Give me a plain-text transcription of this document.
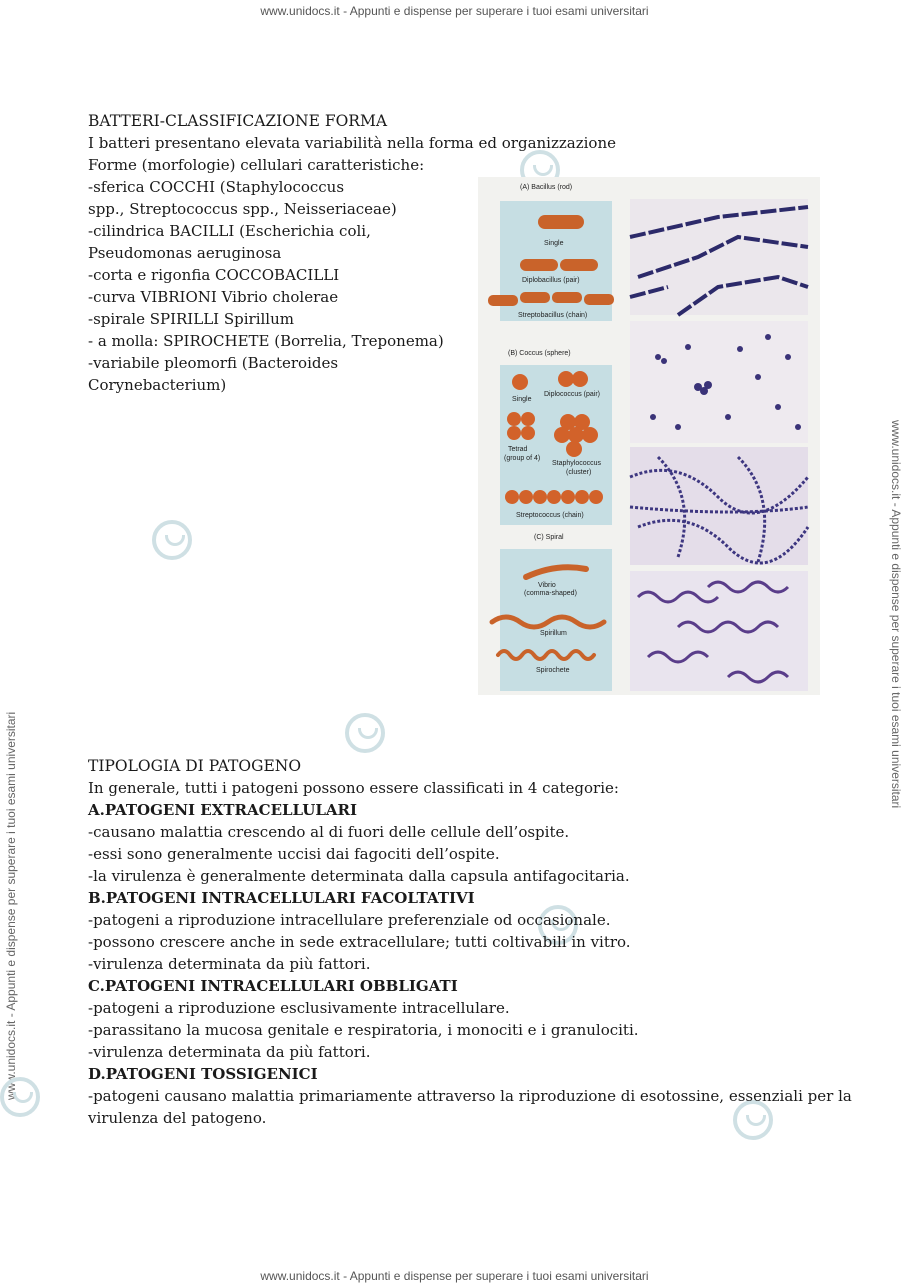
www.unidocs.it - Appunti e dispense per superare i tuoi esami universitari
www.unidocs.it - Appunti e dispense per superare i tuoi esami universitari
www.unidocs.it - Appunti e dispense per superare i tuoi esami universitari
www.unidocs.it - Appunti e dispense per superare i tuoi esami universitari
BATTERI-CLASSIFICAZIONE FORMA
I batteri presentano elevata variabilità nella forma ed organizzazione
Forme (morfologie) cellulari caratteristiche:
-sferica COCCHI (Staphylococcus
spp., Streptococcus spp., Neisseriaceae)
-cilindrica BACILLI (Escherichia coli,
Pseudomonas aeruginosa
-corta e rigonfia COCCOBACILLI
-curva VIBRIONI Vibrio cholerae
-spirale SPIRILLI Spirillum
- a molla: SPIROCHETE (Borrelia, Treponema)
-variabile pleomorfi (Bacteroides
Corynebacterium)
(A) Bacillus (rod)
Single
Diplobacillus (pair)
Streptobacillus (chain)
(B) Coccus (sphere)
Single
Diplococcus (pair)
Tetrad
(group of 4)
Staphylococcus
(cluster)
Streptococcus (chain)
(C) Spiral
Vibrio
(comma-shaped)
Spirillum
Spirochete
TIPOLOGIA DI PATOGENO
In generale, tutti i patogeni possono essere classificati in 4 categorie:
A.PATOGENI EXTRACELLULARI
-causano malattia crescendo al di fuori delle cellule dell’ospite.
-essi sono generalmente uccisi dai fagociti dell’ospite.
-la virulenza è generalmente determinata dalla capsula antifagocitaria.
B.PATOGENI INTRACELLULARI FACOLTATIVI
-patogeni a riproduzione intracellulare preferenziale od occasionale.
-possono crescere anche in sede extracellulare; tutti coltivabili in vitro.
-virulenza determinata da più fattori.
C.PATOGENI INTRACELLULARI OBBLIGATI
-patogeni a riproduzione esclusivamente intracellulare.
-parassitano la mucosa genitale e respiratoria, i monociti e i granulociti.
-virulenza determinata da più fattori.
D.PATOGENI TOSSIGENICI
-patogeni causano malattia primariamente attraverso la riproduzione di esotossine, essenziali per la
virulenza del patogeno.
